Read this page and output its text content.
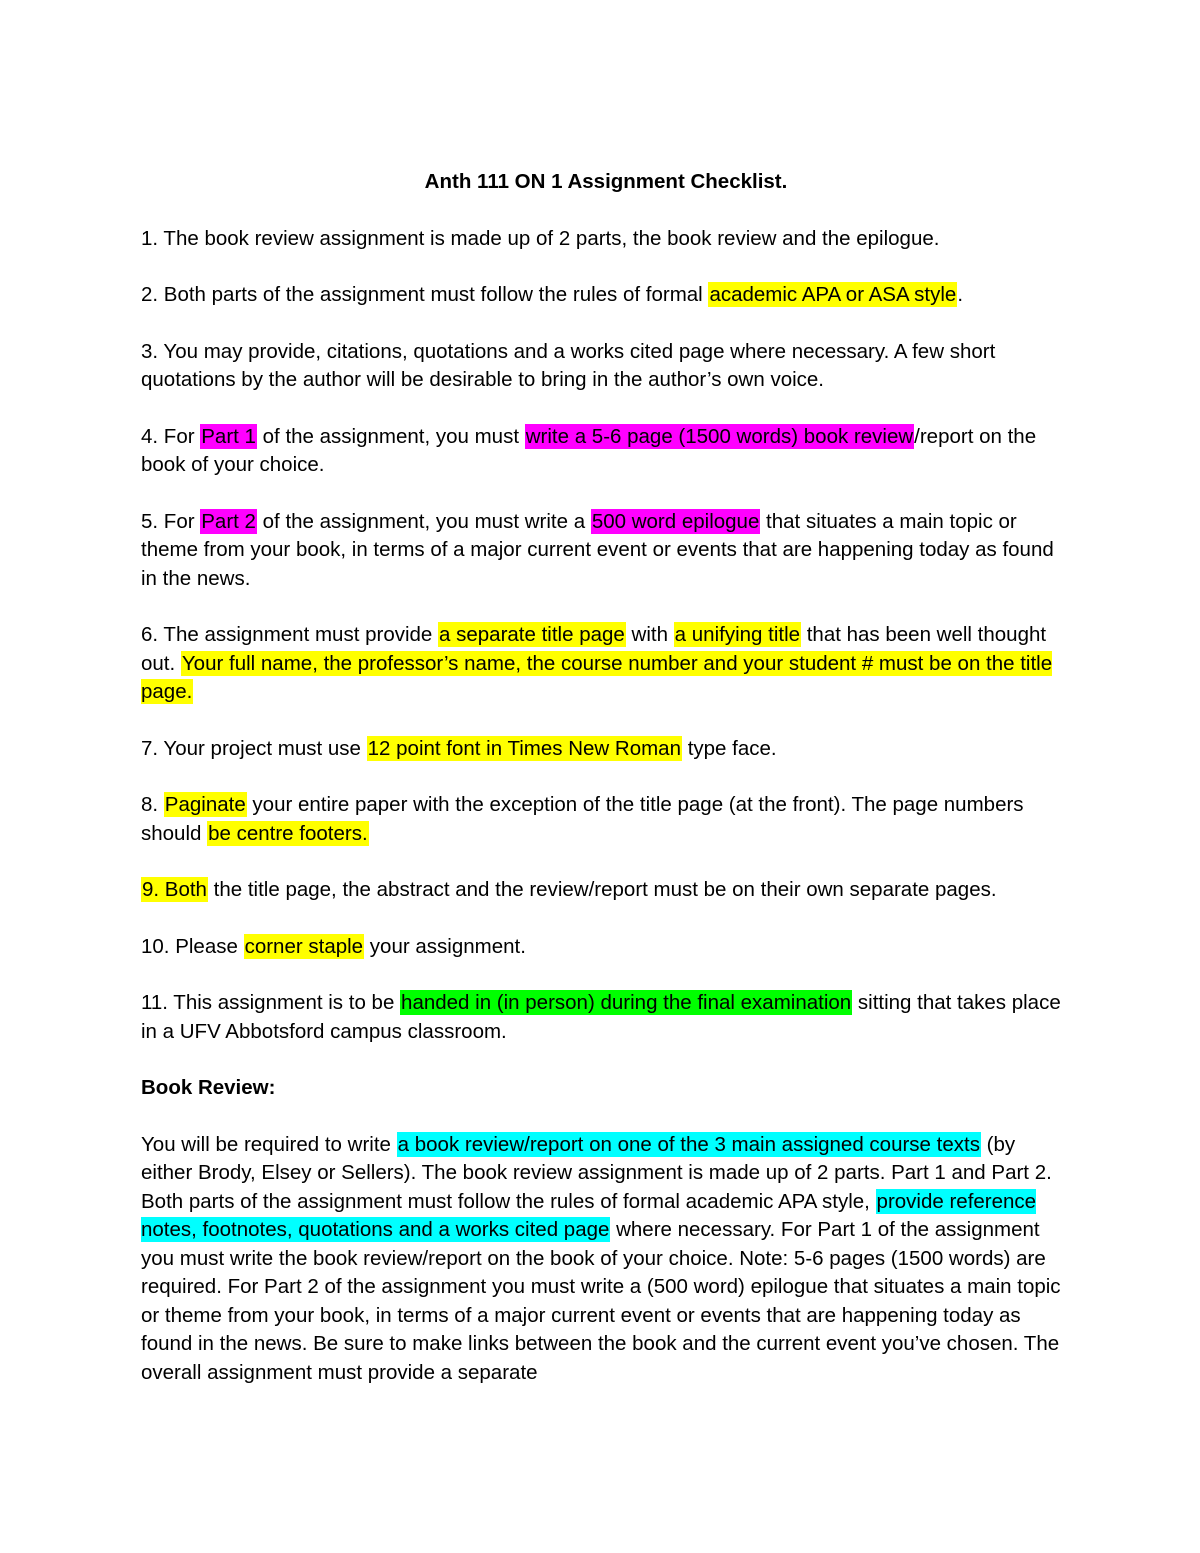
Anth 111 ON 1 Assignment Checklist.

1. The book review assignment is made up of 2 parts, the book review and the epilogue.

2. Both parts of the assignment must follow the rules of formal academic APA or ASA style.

3. You may provide, citations, quotations and a works cited page where necessary. A few short quotations by the author will be desirable to bring in the author’s own voice.

4. For Part 1 of the assignment, you must write a 5-6 page (1500 words) book review/report on the book of your choice.

5. For Part 2 of the assignment, you must write a 500 word epilogue that situates a main topic or theme from your book, in terms of a major current event or events that are happening today as found in the news.

6. The assignment must provide a separate title page with a unifying title that has been well thought out. Your full name, the professor’s name, the course number and your student # must be on the title page.

7. Your project must use 12 point font in Times New Roman type face.

8. Paginate your entire paper with the exception of the title page (at the front). The page numbers should be centre footers.

9. Both the title page, the abstract and the review/report must be on their own separate pages.

10. Please corner staple your assignment.

11. This assignment is to be handed in (in person) during the final examination sitting that takes place in a UFV Abbotsford campus classroom.

Book Review:

You will be required to write a book review/report on one of the 3 main assigned course texts (by either Brody, Elsey or Sellers). The book review assignment is made up of 2 parts. Part 1 and Part 2. Both parts of the assignment must follow the rules of formal academic APA style, provide reference notes, footnotes, quotations and a works cited page where necessary. For Part 1 of the assignment you must write the book review/report on the book of your choice. Note: 5-6 pages (1500 words) are required. For Part 2 of the assignment you must write a (500 word) epilogue that situates a main topic or theme from your book, in terms of a major current event or events that are happening today as found in the news. Be sure to make links between the book and the current event you’ve chosen. The overall assignment must provide a separate
